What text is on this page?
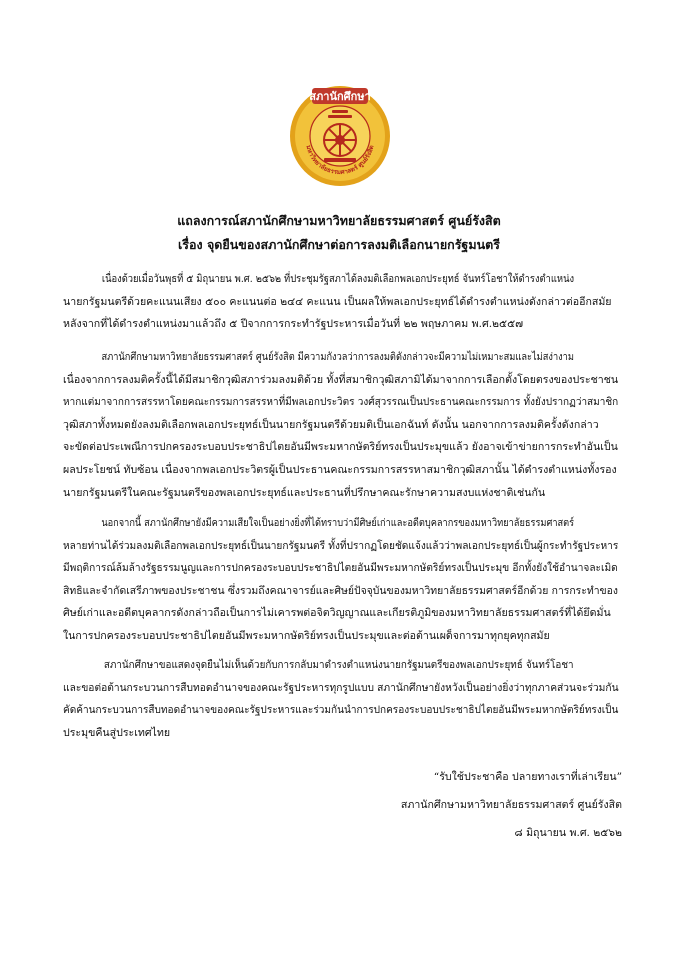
สภานักศึกษา
มหาวิทยาลัยธรรมศาสตร์ ศูนย์รังสิต
แถลงการณ์สภานักศึกษามหาวิทยาลัยธรรมศาสตร์ ศูนย์รังสิต
เรื่อง จุดยืนของสภานักศึกษาต่อการลงมติเลือกนายกรัฐมนตรี
เนื่องด้วยเมื่อวันพุธที่ ๕ มิถุนายน พ.ศ. ๒๕๖๒ ที่ประชุมรัฐสภาได้ลงมติเลือกพลเอกประยุทธ์ จันทร์โอชาให้ดำรงตำแหน่ง
นายกรัฐมนตรีด้วยคะแนนเสียง ๕๐๐ คะแนนต่อ ๒๔๔ คะแนน เป็นผลให้พลเอกประยุทธ์ได้ดำรงตำแหน่งดังกล่าวต่ออีกสมัย
หลังจากที่ได้ดำรงตำแหน่งมาแล้วถึง ๕ ปีจากการกระทำรัฐประหารเมื่อวันที่ ๒๒ พฤษภาคม พ.ศ.๒๕๕๗
สภานักศึกษามหาวิทยาลัยธรรมศาสตร์ ศูนย์รังสิต มีความกังวลว่าการลงมติดังกล่าวจะมีความไม่เหมาะสมและไม่สง่างาม
เนื่องจากการลงมติครั้งนี้ได้มีสมาชิกวุฒิสภาร่วมลงมติด้วย ทั้งที่สมาชิกวุฒิสภามิได้มาจากการเลือกตั้งโดยตรงของประชาชน
หากแต่มาจากการสรรหาโดยคณะกรรมการสรรหาที่มีพลเอกประวิตร วงศ์สุวรรณเป็นประธานคณะกรรมการ ทั้งยังปรากฏว่าสมาชิก
วุฒิสภาทั้งหมดยังลงมติเลือกพลเอกประยุทธ์เป็นนายกรัฐมนตรีด้วยมติเป็นเอกฉันท์ ดังนั้น นอกจากการลงมติครั้งดังกล่าว
จะขัดต่อประเพณีการปกครองระบอบประชาธิปไตยอันมีพระมหากษัตริย์ทรงเป็นประมุขแล้ว ยังอาจเข้าข่ายการกระทำอันเป็น
ผลประโยชน์ ทับซ้อน เนื่องจากพลเอกประวิตรผู้เป็นประธานคณะกรรมการสรรหาสมาชิกวุฒิสภานั้น ได้ดำรงตำแหน่งทั้งรอง
นายกรัฐมนตรีในคณะรัฐมนตรีของพลเอกประยุทธ์และประธานที่ปรึกษาคณะรักษาความสงบแห่งชาติเช่นกัน
นอกจากนี้ สภานักศึกษายังมีความเสียใจเป็นอย่างยิ่งที่ได้ทราบว่ามีศิษย์เก่าและอดีตบุคลากรของมหาวิทยาลัยธรรมศาสตร์
หลายท่านได้ร่วมลงมติเลือกพลเอกประยุทธ์เป็นนายกรัฐมนตรี ทั้งที่ปรากฏโดยชัดแจ้งแล้วว่าพลเอกประยุทธ์เป็นผู้กระทำรัฐประหาร
มีพฤติการณ์ล้มล้างรัฐธรรมนูญและการปกครองระบอบประชาธิปไตยอันมีพระมหากษัตริย์ทรงเป็นประมุข อีกทั้งยังใช้อำนาจละเมิด
สิทธิและจำกัดเสรีภาพของประชาชน ซึ่งรวมถึงคณาจารย์และศิษย์ปัจจุบันของมหาวิทยาลัยธรรมศาสตร์อีกด้วย การกระทำของ
ศิษย์เก่าและอดีตบุคลากรดังกล่าวถือเป็นการไม่เคารพต่อจิตวิญญาณและเกียรติภูมิของมหาวิทยาลัยธรรมศาสตร์ที่ได้ยึดมั่น
ในการปกครองระบอบประชาธิปไตยอันมีพระมหากษัตริย์ทรงเป็นประมุขและต่อต้านเผด็จการมาทุกยุคทุกสมัย
สภานักศึกษาขอแสดงจุดยืนไม่เห็นด้วยกับการกลับมาดำรงตำแหน่งนายกรัฐมนตรีของพลเอกประยุทธ์ จันทร์โอชา
และขอต่อต้านกระบวนการสืบทอดอำนาจของคณะรัฐประหารทุกรูปแบบ สภานักศึกษายังหวังเป็นอย่างยิ่งว่าทุกภาคส่วนจะร่วมกัน
คัดค้านกระบวนการสืบทอดอำนาจของคณะรัฐประหารและร่วมกันนำการปกครองระบอบประชาธิปไตยอันมีพระมหากษัตริย์ทรงเป็น
ประมุขคืนสู่ประเทศไทย
“รับใช้ประชาคือ ปลายทางเราที่เล่าเรียน”
สภานักศึกษามหาวิทยาลัยธรรมศาสตร์ ศูนย์รังสิต
๘ มิถุนายน พ.ศ. ๒๕๖๒
